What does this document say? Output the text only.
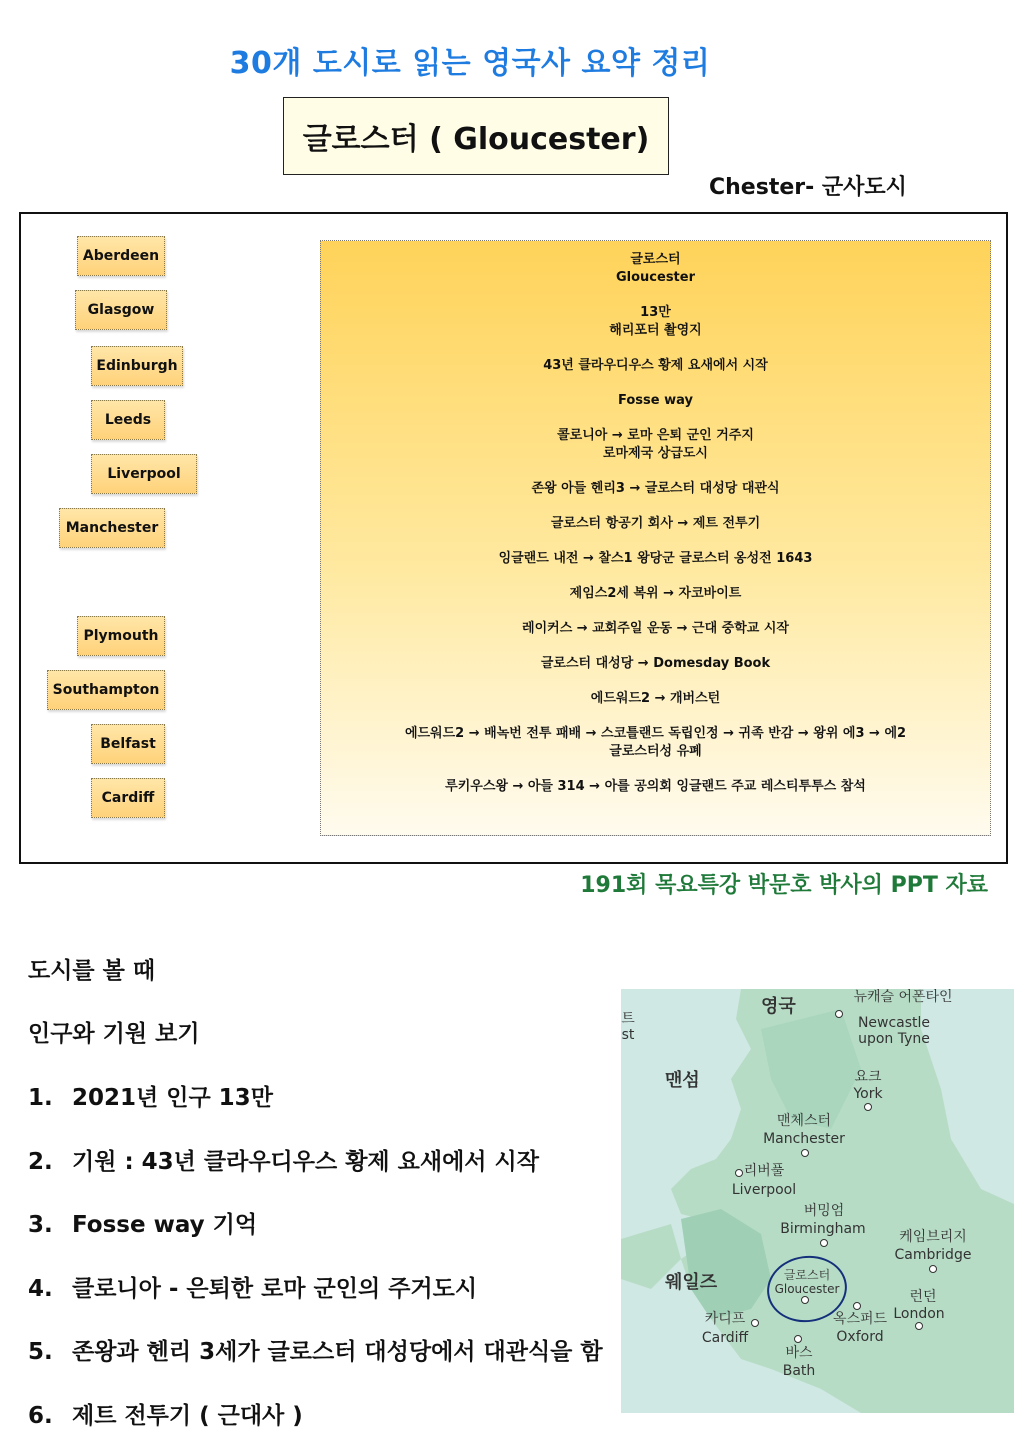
30개 도시로 읽는 영국사 요약 정리
글로스터 ( Gloucester)
Chester- 군사도시
Aberdeen
Glasgow
Edinburgh
Leeds
Liverpool
Manchester
Plymouth
Southampton
Belfast
Cardiff
글로스터
Gloucester
13만
해리포터 촬영지
43년 클라우디우스 황제 요새에서 시작
Fosse way
콜로니아 → 로마 은퇴 군인 거주지
로마제국 상급도시
존왕 아들 헨리3 → 글로스터 대성당 대관식
글로스터 항공기 회사 → 제트 전투기
잉글랜드 내전 → 찰스1 왕당군 글로스터 옹성전 1643
제임스2세 복위 → 자코바이트
레이커스 → 교회주일 운동 → 근대 중학교 시작
글로스터 대성당 → Domesday Book
에드워드2 → 개버스턴
에드워드2 → 배녹번 전투 패배 → 스코틀랜드 독립인정 → 귀족 반감 → 왕위 에3 → 에2
글로스터성 유폐
루키우스왕 → 아들 314 → 아를 공의회 잉글랜드 주교 레스티투투스 참석
191회 목요특강 박문호 박사의 PPT 자료
도시를 볼 때
인구와 기원 보기
1. 2021년 인구 13만
2. 기원 : 43년 클라우디우스 황제 요새에서 시작
3. Fosse way 기억
4. 클로니아 - 은퇴한 로마 군인의 주거도시
5. 존왕과 헨리 3세가 글로스터 대성당에서 대관식을 함
6. 제트 전투기 ( 근대사 )
영국
맨섬
트 st
뉴캐슬 어폰타인
Newcastle upon Tyne
요크
York
맨체스터
Manchester
리버풀
Liverpool
버밍엄
Birmingham	케임브리지
Cambridge
웨일즈	글로스터
Gloucester	런던
London
옥스퍼드
Oxford
카디프
Cardiff
바스
Bath
